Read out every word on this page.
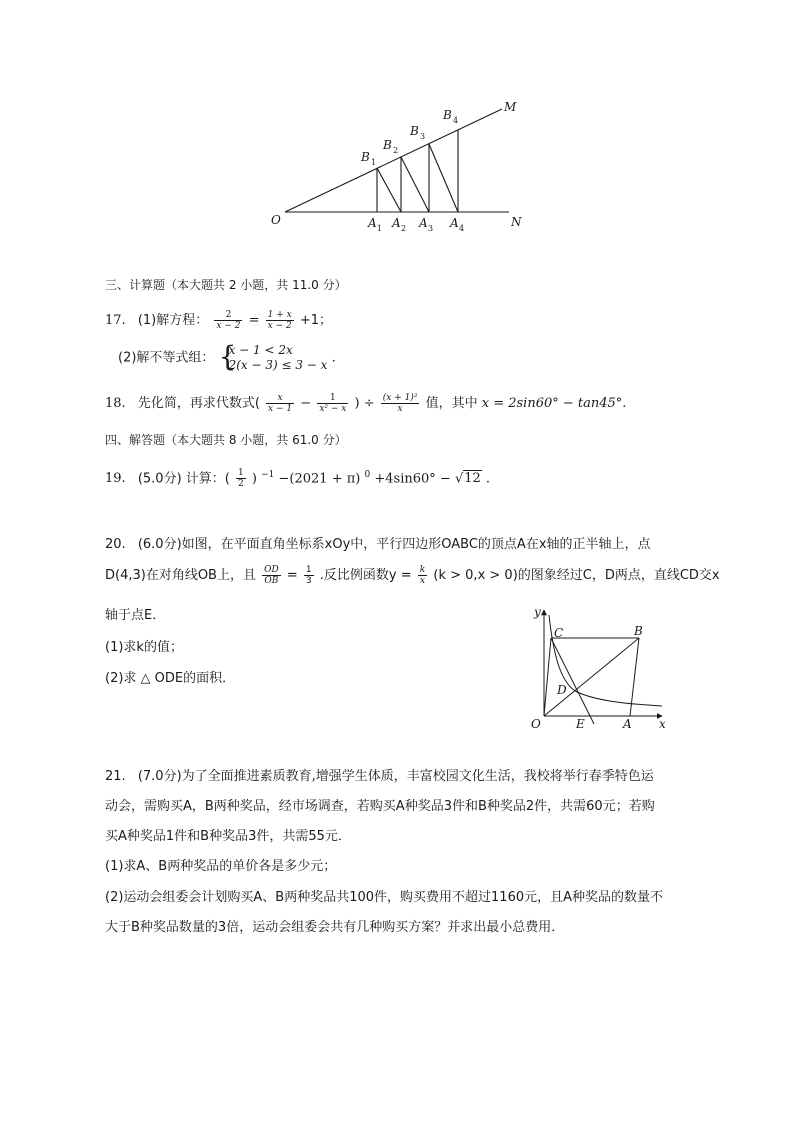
O	N
M
B 1
B 2
B 3
B 4
A 1 A 2 A 3 A 4
三、计算题（本大题共 2 小题，共 11.0 分）
17. (1)解方程： $\frac{2}{x - 2} = \frac{1 + x}{x - 2} +1$；
(2)解不等式组：
{ x − 1 < 2x
2(x − 3) ≤ 3 − x .
18. 先化简，再求代数式( $\frac{x}{x - 1} - \frac{1}{\text{x² − x}}$ ) ÷ $\frac{\text{(x + 1)²}}{x}$ 值，其中 x = 2sin60° − tan45°.
四、解答题（本大题共 8 小题，共 61.0 分）
19. (5.0分) 计算：( $\frac{1}{2}$ ) $^{-1}$ −(2021 + π) $^0$ +4sin60° − √12 .
20. (6.0分)如图，在平面直角坐标系xOy中，平行四边形OABC的顶点A在x轴的正半轴上，点
D(4,3)在对角线OB上，且 $\frac{OD}{OB} = \frac{1}{3}$ .反比例函数$y = \frac{k}{x} (k > 0,x > 0)$的图象经过C，D两点，直线CD交x
轴于点E．
(1)求k的值；
(2)求 △ ODE的面积．
y
x
O
C	B
D
E	A
21. (7.0分)为了全面推进素质教育,增强学生体质，丰富校园文化生活，我校将举行春季特色运
动会，需购买A，B两种奖品，经市场调查，若购买A种奖品3件和B种奖品2件，共需60元；若购
买A种奖品1件和B种奖品3件，共需55元．
(1)求A、B两种奖品的单价各是多少元；
(2)运动会组委会计划购买A、B两种奖品共100件，购买费用不超过1160元，且A种奖品的数量不
大于B种奖品数量的3倍，运动会组委会共有几种购买方案？并求出最小总费用．
